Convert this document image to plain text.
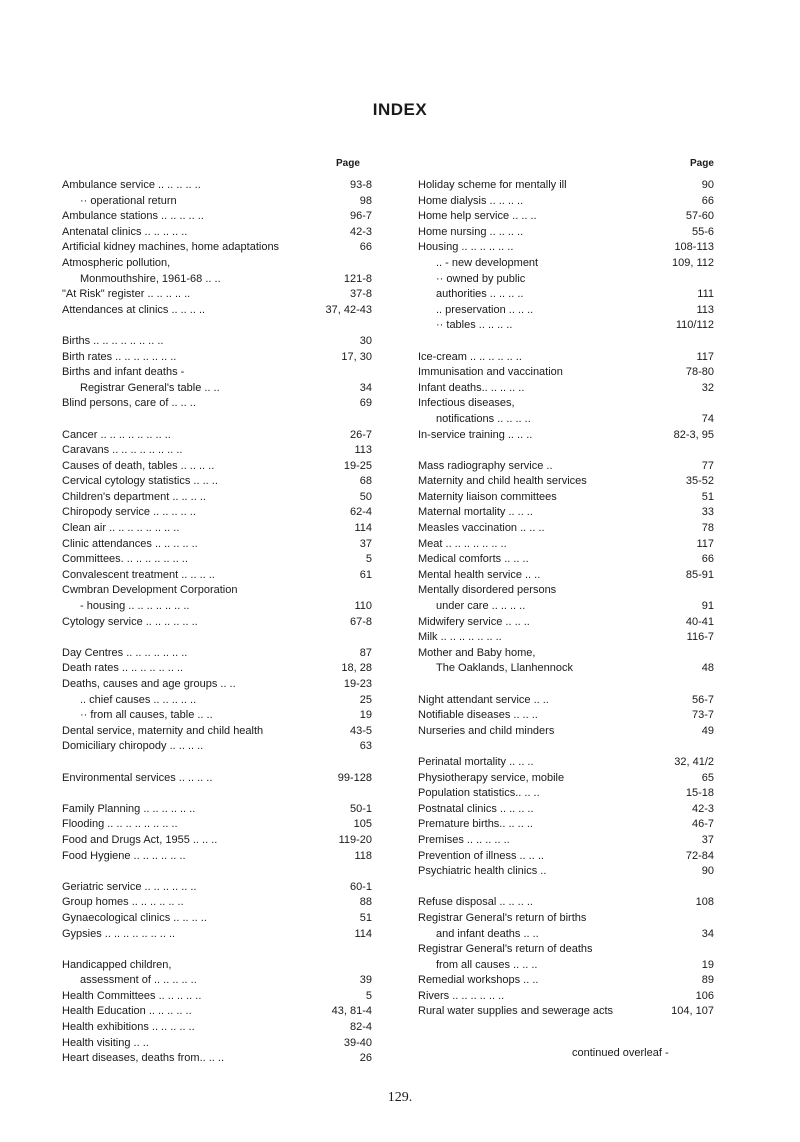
INDEX
Page	Page
Ambulance service .. .. .. .. ..	93-8
·· operational return	98
Ambulance stations .. .. .. .. ..	96-7
Antenatal clinics .. .. .. .. ..	42-3
Artificial kidney machines, home adaptations	66
Atmospheric pollution,
Monmouthshire, 1961-68 .. ..	121-8
"At Risk" register .. .. .. .. ..	37-8
Attendances at clinics .. .. .. ..	37, 42-43
Births .. .. .. .. .. .. .. ..	30
Birth rates .. .. .. .. .. .. ..	17, 30
Births and infant deaths -
Registrar General's table .. ..	34
Blind persons, care of .. .. ..	69
Cancer .. .. .. .. .. .. .. ..	26-7
Caravans .. .. .. .. .. .. .. ..	113
Causes of death, tables .. .. .. ..	19-25
Cervical cytology statistics .. .. ..	68
Children's department .. .. .. ..	50
Chiropody service .. .. .. .. ..	62-4
Clean air .. .. .. .. .. .. .. ..	114
Clinic attendances .. .. .. .. ..	37
Committees. .. .. .. .. .. .. ..	5
Convalescent treatment .. .. .. ..	61
Cwmbran Development Corporation
- housing .. .. .. .. .. .. ..	110
Cytology service .. .. .. .. .. ..	67-8
Day Centres .. .. .. .. .. .. ..	87
Death rates .. .. .. .. .. .. ..	18, 28
Deaths, causes and age groups .. ..	19-23
.. chief causes .. .. .. .. ..	25
·· from all causes, table .. ..	19
Dental service, maternity and child health	43-5
Domiciliary chiropody .. .. .. ..	63
Environmental services .. .. .. ..	99-128
Family Planning .. .. .. .. .. ..	50-1
Flooding .. .. .. .. .. .. .. ..	105
Food and Drugs Act, 1955 .. .. ..	119-20
Food Hygiene .. .. .. .. .. ..	118
Geriatric service .. .. .. .. .. ..	60-1
Group homes .. .. .. .. .. ..	88
Gynaecological clinics .. .. .. ..	51
Gypsies .. .. .. .. .. .. .. ..	114
Handicapped children,
assessment of .. .. .. .. ..	39
Health Committees .. .. .. .. ..	5
Health Education .. .. .. .. ..	43, 81-4
Health exhibitions .. .. .. .. ..	82-4
Health visiting .. ..	39-40
Heart diseases, deaths from.. .. ..	26
Holiday scheme for mentally ill	90
Home dialysis .. .. .. ..	66
Home help service .. .. ..	57-60
Home nursing .. .. .. ..	55-6
Housing .. .. .. .. .. ..	108-113
.. - new development	109, 112
·· owned by public
authorities .. .. .. ..	111
.. preservation .. .. ..	113
·· tables .. .. .. ..	110/112
Ice-cream .. .. .. .. .. ..	117
Immunisation and vaccination	78-80
Infant deaths.. .. .. .. ..	32
Infectious diseases,
notifications .. .. .. ..	74
In-service training .. .. ..	82-3, 95
Mass radiography service ..	77
Maternity and child health services	35-52
Maternity liaison committees	51
Maternal mortality .. .. ..	33
Measles vaccination .. .. ..	78
Meat .. .. .. .. .. .. ..	117
Medical comforts .. .. ..	66
Mental health service .. ..	85-91
Mentally disordered persons
under care .. .. .. ..	91
Midwifery service .. .. ..	40-41
Milk .. .. .. .. .. .. ..	116-7
Mother and Baby home,
The Oaklands, Llanhennock	48
Night attendant service .. ..	56-7
Notifiable diseases .. .. ..	73-7
Nurseries and child minders	49
Perinatal mortality .. .. ..	32, 41/2
Physiotherapy service, mobile	65
Population statistics.. .. ..	15-18
Postnatal clinics .. .. .. ..	42-3
Premature births.. .. .. ..	46-7
Premises .. .. .. .. ..	37
Prevention of illness .. .. ..	72-84
Psychiatric health clinics ..	90
Refuse disposal .. .. .. ..	108
Registrar General's return of births
and infant deaths .. ..	34
Registrar General's return of deaths
from all causes .. .. ..	19
Remedial workshops .. ..	89
Rivers .. .. .. .. .. ..	106
Rural water supplies and sewerage acts	104, 107
continued overleaf -
129.
